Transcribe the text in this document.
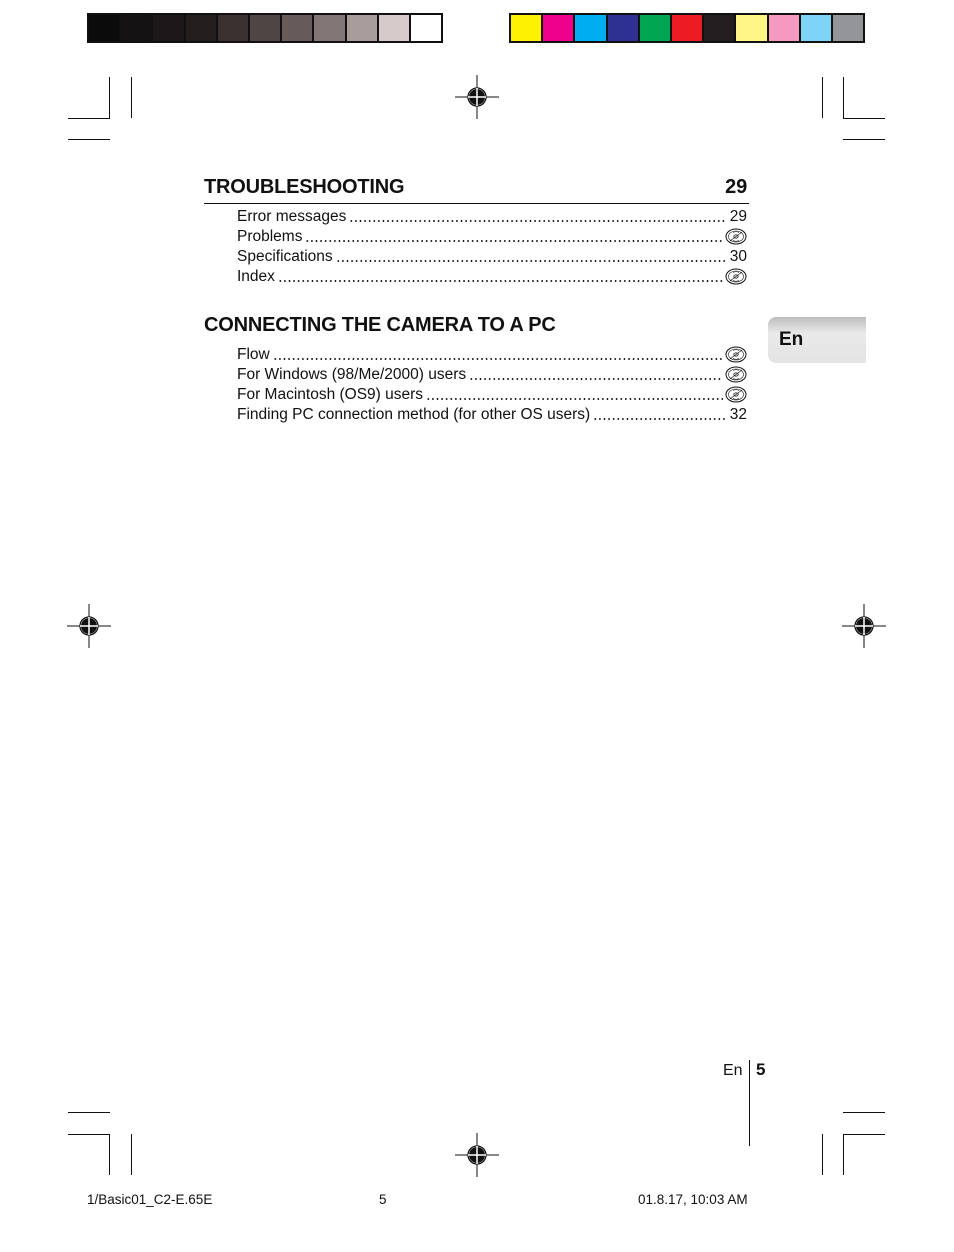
TROUBLESHOOTING	29
Error messages	29
Problems
Specifications	30
Index
CONNECTING THE CAMERA TO A PC
Flow
For Windows (98/Me/2000) users
For Macintosh (OS9) users
Finding PC connection method (for other OS users)	32
En
En 5
1/Basic01_C2-E.65E	5	01.8.17, 10:03 AM
